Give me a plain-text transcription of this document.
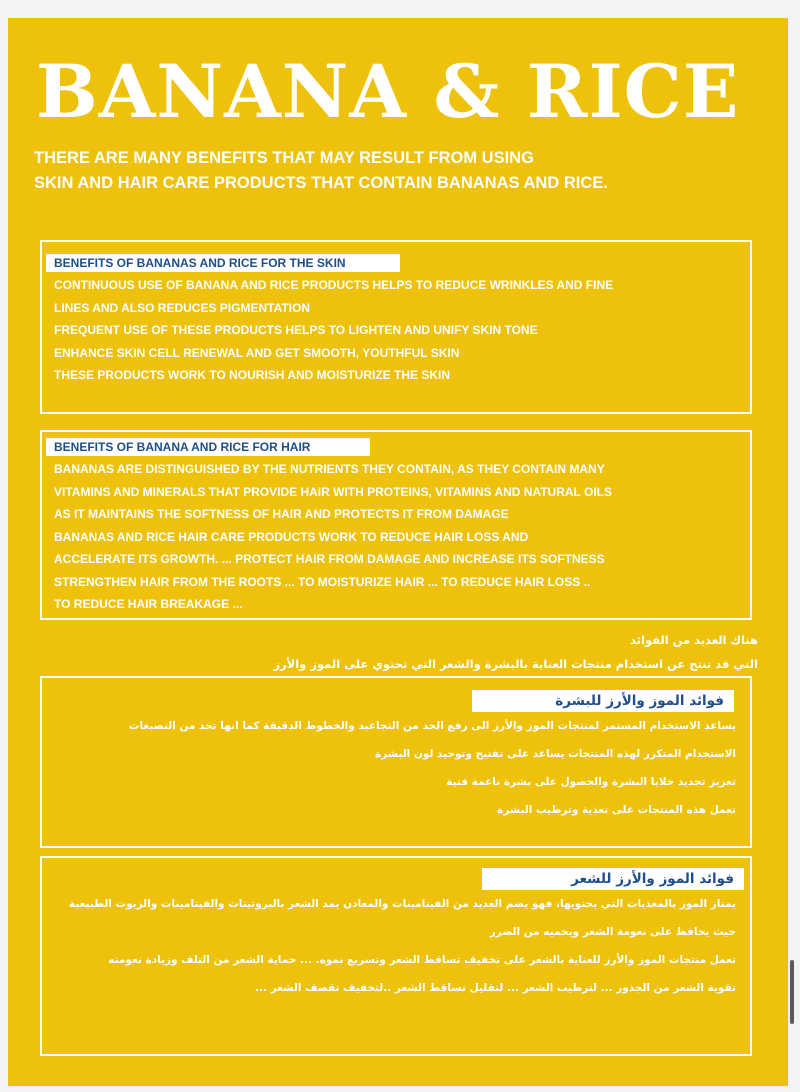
BANANA & RICE
THERE ARE MANY BENEFITS THAT MAY RESULT FROM USING
SKIN AND HAIR CARE PRODUCTS THAT CONTAIN BANANAS AND RICE.
BENEFITS OF BANANAS AND RICE FOR THE SKIN
CONTINUOUS USE OF BANANA AND RICE PRODUCTS HELPS TO REDUCE WRINKLES AND FINE
LINES AND ALSO REDUCES PIGMENTATION
FREQUENT USE OF THESE PRODUCTS HELPS TO LIGHTEN AND UNIFY SKIN TONE
ENHANCE SKIN CELL RENEWAL AND GET SMOOTH, YOUTHFUL SKIN
THESE PRODUCTS WORK TO NOURISH AND MOISTURIZE THE SKIN
BENEFITS OF BANANA AND RICE FOR HAIR
BANANAS ARE DISTINGUISHED BY THE NUTRIENTS THEY CONTAIN, AS THEY CONTAIN MANY
VITAMINS AND MINERALS THAT PROVIDE HAIR WITH PROTEINS, VITAMINS AND NATURAL OILS
AS IT MAINTAINS THE SOFTNESS OF HAIR AND PROTECTS IT FROM DAMAGE
BANANAS AND RICE HAIR CARE PRODUCTS WORK TO REDUCE HAIR LOSS AND
ACCELERATE ITS GROWTH. ... PROTECT HAIR FROM DAMAGE AND INCREASE ITS SOFTNESS
STRENGTHEN HAIR FROM THE ROOTS ... TO MOISTURIZE HAIR ... TO REDUCE HAIR LOSS ..
TO REDUCE HAIR BREAKAGE ...
هناك العديد من الفوائد
التي قد تنتج عن استخدام منتجات العناية بالبشرة والشعر التي تحتوي على الموز والأرز
فوائد الموز والأرز للبشرة
يساعد الاستخدام المستمر لمنتجات الموز والأرز الى رفع الحد من التجاعيد والخطوط الدقيقة كما انها تحد من التصبغات
الاستخدام المتكرر لهذه المنتجات يساعد على تفتيح وتوحيد لون البشرة
تعزيز تجديد خلايا البشرة والحصول على بشرة ناعمة فتية
تعمل هذه المنتجات على تغذية وترطيب البشرة
فوائد الموز والأرز للشعر
يمتاز الموز بالمغذيات التي يحتويها، فهو يضم العديد من الفيتامينات والمعادن يمد الشعر بالبروتينات والفيتامينات والزيوت الطبيعية
حيث يحافظ على نعومة الشعر ويحميه من الضرر
تعمل منتجات الموز والأرز للعناية بالشعر على تخفيف تساقط الشعر وتسريع نموه. ... حماية الشعر من التلف وزيادة نعومته
تقوية الشعر من الجذور ... لترطيب الشعر ... لتقليل تساقط الشعر ..لتخفيف تقصف الشعر ...
